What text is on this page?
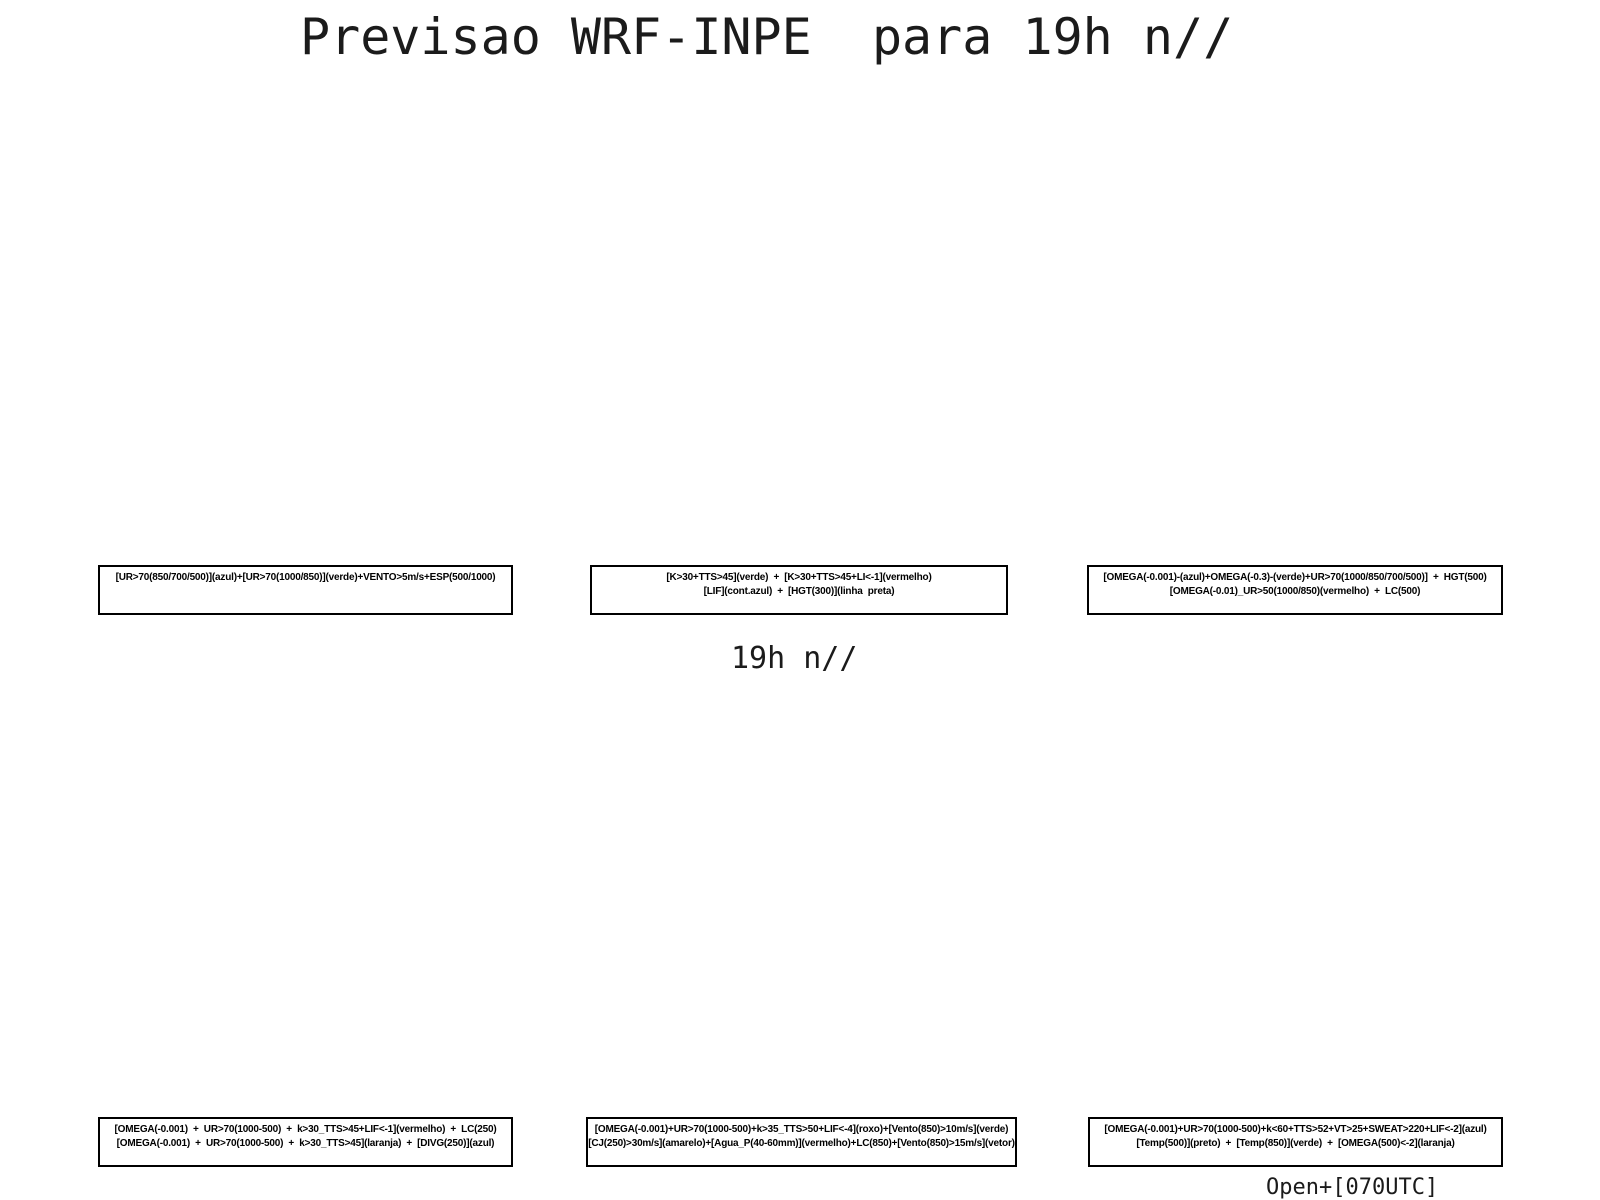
Previsao WRF-INPE  para 19h n//
[UR>70(850/700/500)](azul)+[UR>70(1000/850)](verde)+VENTO>5m/s+ESP(500/1000)	[K>30+TTS>45](verde)  +  [K>30+TTS>45+LI<-1](vermelho)
[LIF](cont.azul)  +  [HGT(300)](linha  preta)
[OMEGA(-0.001)-(azul)+OMEGA(-0.3)-(verde)+UR>70(1000/850/700/500)]  +  HGT(500)
[OMEGA(-0.01)_UR>50(1000/850)(vermelho)  +  LC(500)
19h n//
[OMEGA(-0.001)  +  UR>70(1000-500)  +  k>30_TTS>45+LIF<-1](vermelho)  +  LC(250)
[OMEGA(-0.001)  +  UR>70(1000-500)  +  k>30_TTS>45](laranja)  +  [DIVG(250)](azul)
[OMEGA(-0.001)+UR>70(1000-500)+k>35_TTS>50+LIF<-4](roxo)+[Vento(850)>10m/s](verde)
[CJ(250)>30m/s](amarelo)+[Agua_P(40-60mm)](vermelho)+LC(850)+[Vento(850)>15m/s](vetor)
[OMEGA(-0.001)+UR>70(1000-500)+k<60+TTS>52+VT>25+SWEAT>220+LIF<-2](azul)
[Temp(500)](preto)  +  [Temp(850)](verde)  +  [OMEGA(500)<-2](laranja)
Open+[070UTC]
